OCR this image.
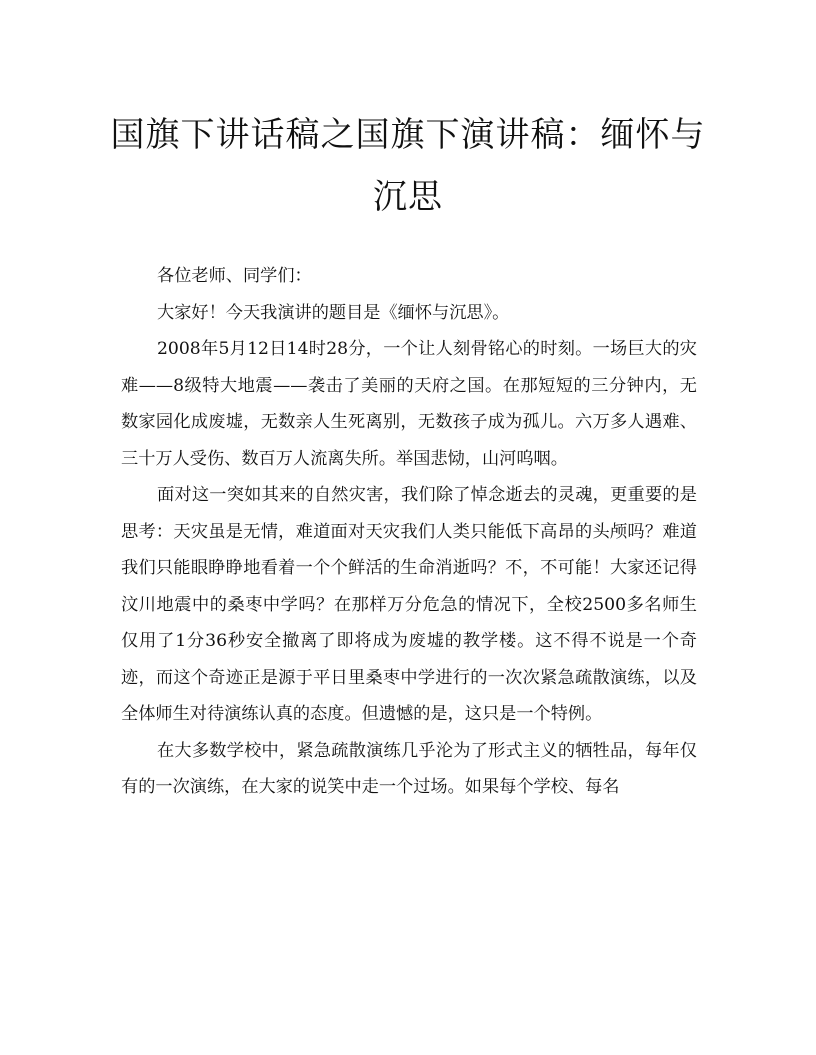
国旗下讲话稿之国旗下演讲稿：缅怀与沉思

各位老师、同学们：

大家好！今天我演讲的题目是《缅怀与沉思》。

2008年5月12日14时28分，一个让人刻骨铭心的时刻。一场巨大的灾难——8级特大地震——袭击了美丽的天府之国。在那短短的三分钟内，无数家园化成废墟，无数亲人生死离别，无数孩子成为孤儿。六万多人遇难、三十万人受伤、数百万人流离失所。举国悲恸，山河呜咽。

面对这一突如其来的自然灾害，我们除了悼念逝去的灵魂，更重要的是思考：天灾虽是无情，难道面对天灾我们人类只能低下高昂的头颅吗？难道我们只能眼睁睁地看着一个个鲜活的生命消逝吗？不，不可能！大家还记得汶川地震中的桑枣中学吗？在那样万分危急的情况下，全校2500多名师生仅用了1分36秒安全撤离了即将成为废墟的教学楼。这不得不说是一个奇迹，而这个奇迹正是源于平日里桑枣中学进行的一次次紧急疏散演练，以及全体师生对待演练认真的态度。但遗憾的是，这只是一个特例。

在大多数学校中，紧急疏散演练几乎沦为了形式主义的牺牲品，每年仅有的一次演练，在大家的说笑中走一个过场。如果每个学校、每名
